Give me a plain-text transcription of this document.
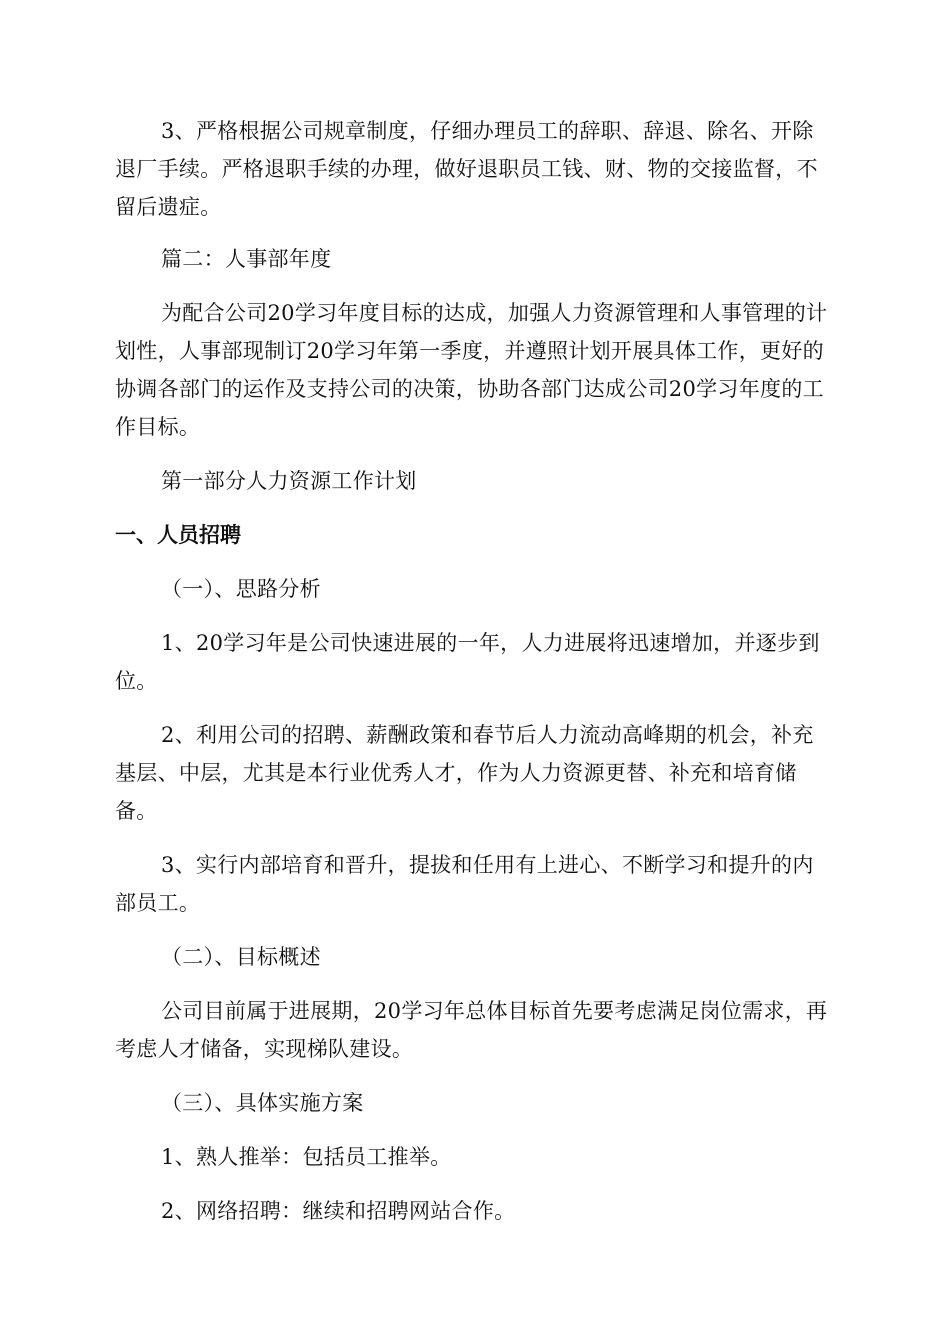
3、严格根据公司规章制度，仔细办理员工的辞职、辞退、除名、开除退厂手续。严格退职手续的办理，做好退职员工钱、财、物的交接监督，不留后遗症。

篇二：人事部年度

为配合公司20学习年度目标的达成，加强人力资源管理和人事管理的计划性，人事部现制订20学习年第一季度，并遵照计划开展具体工作，更好的协调各部门的运作及支持公司的决策，协助各部门达成公司20学习年度的工作目标。

第一部分人力资源工作计划

一、人员招聘

（一）、思路分析

1、20学习年是公司快速进展的一年，人力进展将迅速增加，并逐步到位。

2、利用公司的招聘、薪酬政策和春节后人力流动高峰期的机会，补充基层、中层，尤其是本行业优秀人才，作为人力资源更替、补充和培育储备。

3、实行内部培育和晋升，提拔和任用有上进心、不断学习和提升的内部员工。

（二）、目标概述

公司目前属于进展期，20学习年总体目标首先要考虑满足岗位需求，再考虑人才储备，实现梯队建设。

（三）、具体实施方案

1、熟人推举：包括员工推举。

2、网络招聘：继续和招聘网站合作。
